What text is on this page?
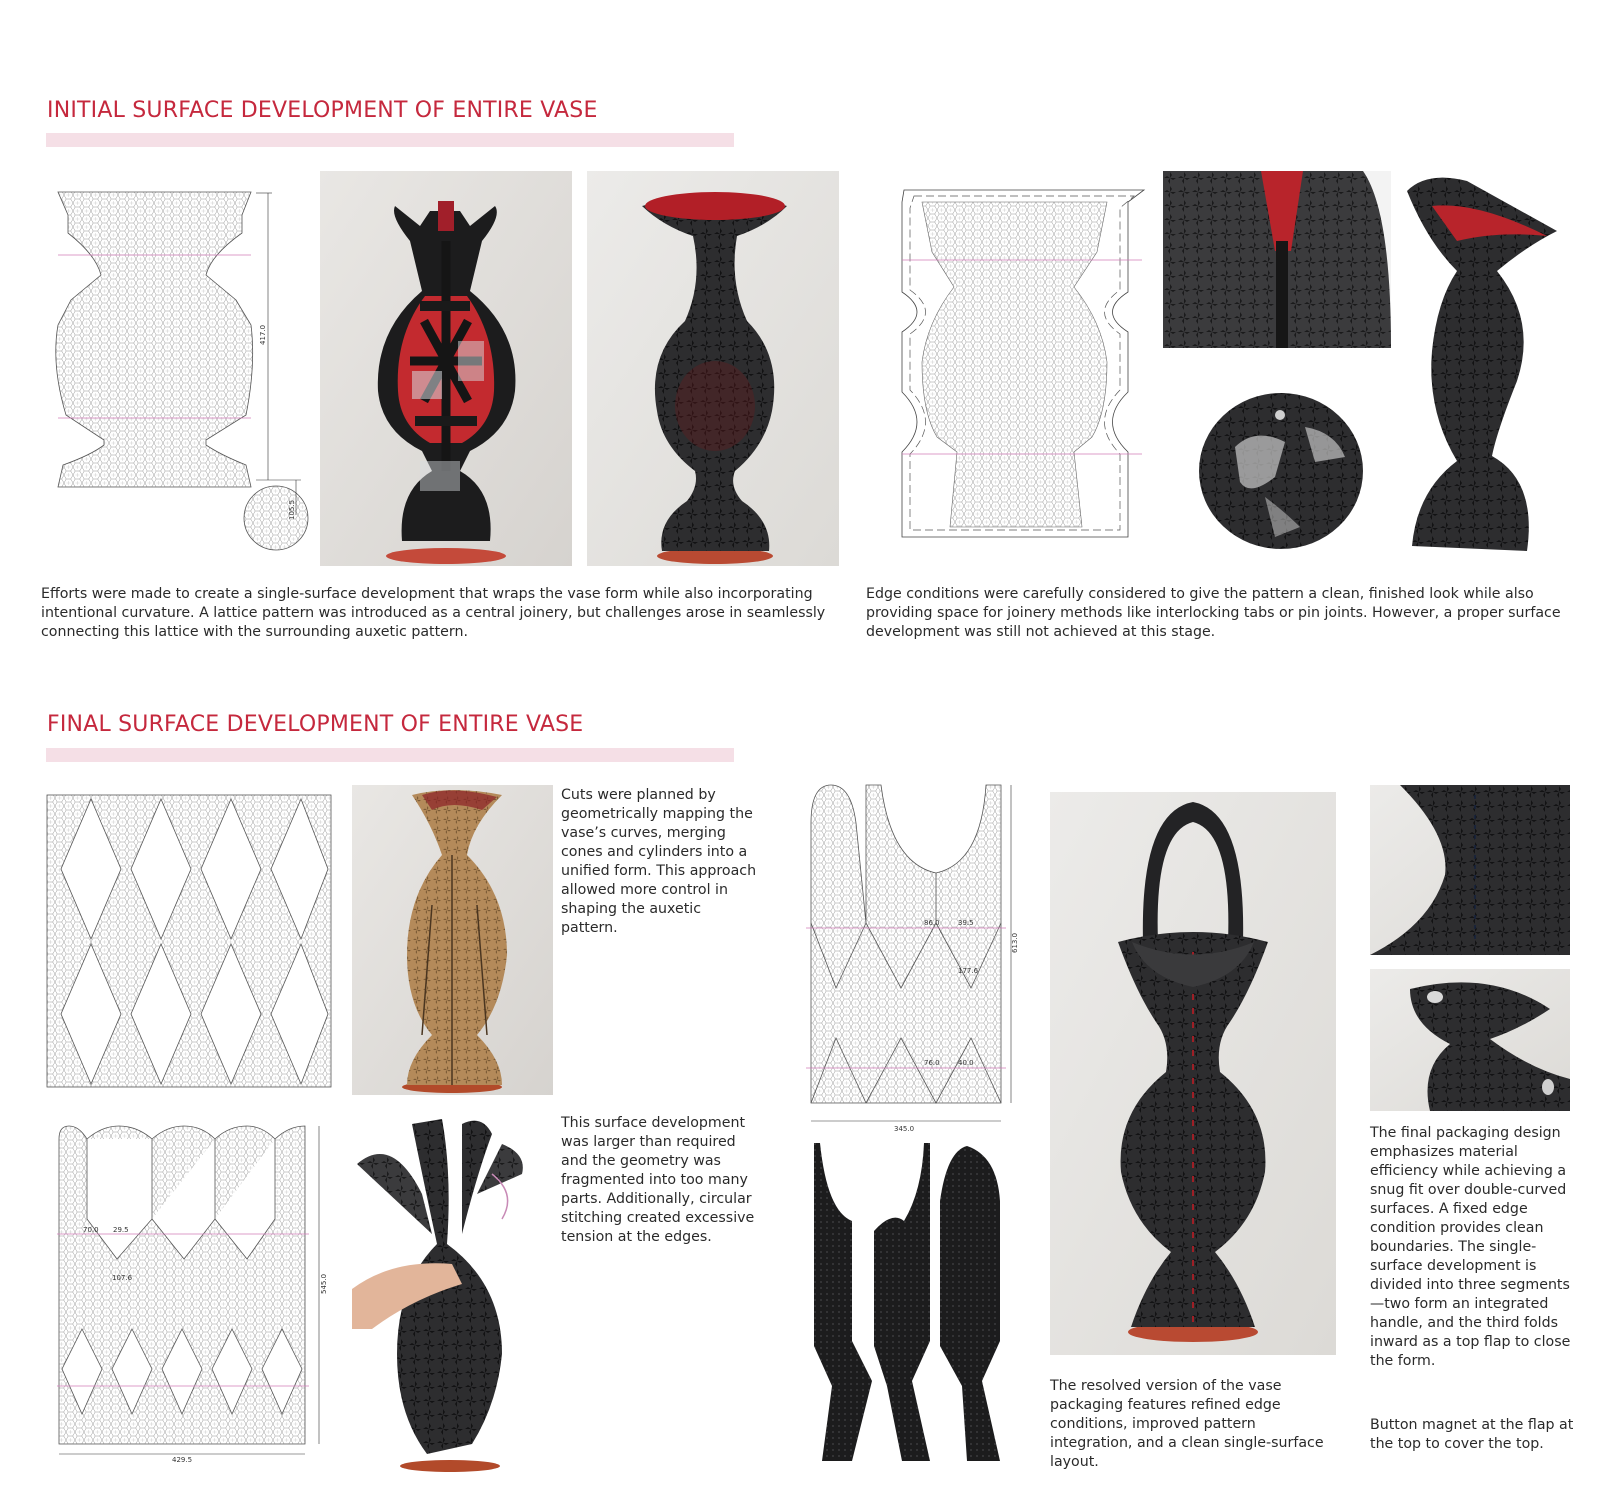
INITIAL SURFACE DEVELOPMENT OF ENTIRE VASE
417.0
105.5
Efforts were made to create a single-surface development that wraps the vase form while also incorporating intentional curvature. A lattice pattern was introduced as a central joinery, but challenges arose in seamlessly connecting this lattice with the surrounding auxetic pattern.
Edge conditions were carefully considered to give the pattern a clean, finished look while also providing space for joinery methods like interlocking tabs or pin joints. However, a proper surface development was still not achieved at this stage.
FINAL SURFACE DEVELOPMENT OF ENTIRE VASE
Cuts were planned by geometrically mapping the vase’s curves, merging cones and cylinders into a unified form. This approach allowed more control in shaping the auxetic pattern.
70.0 29.5
107.6
429.5
545.0
This surface development was larger than required and the geometry was fragmented into too many parts. Additionally, circular stitching created excessive tension at the edges.
86.0	39.5
177.6
76.0	40.0
345.0
613.0
The final packaging design emphasizes material efficiency while achieving a snug fit over double-curved surfaces. A fixed edge condition provides clean boundaries. The single-surface development is divided into three segments—two form an integrated handle, and the third folds inward as a top flap to close the form.
Button magnet at the flap at the top to cover the top.
The resolved version of the vase packaging features refined edge conditions, improved pattern integration, and a clean single-surface layout.
